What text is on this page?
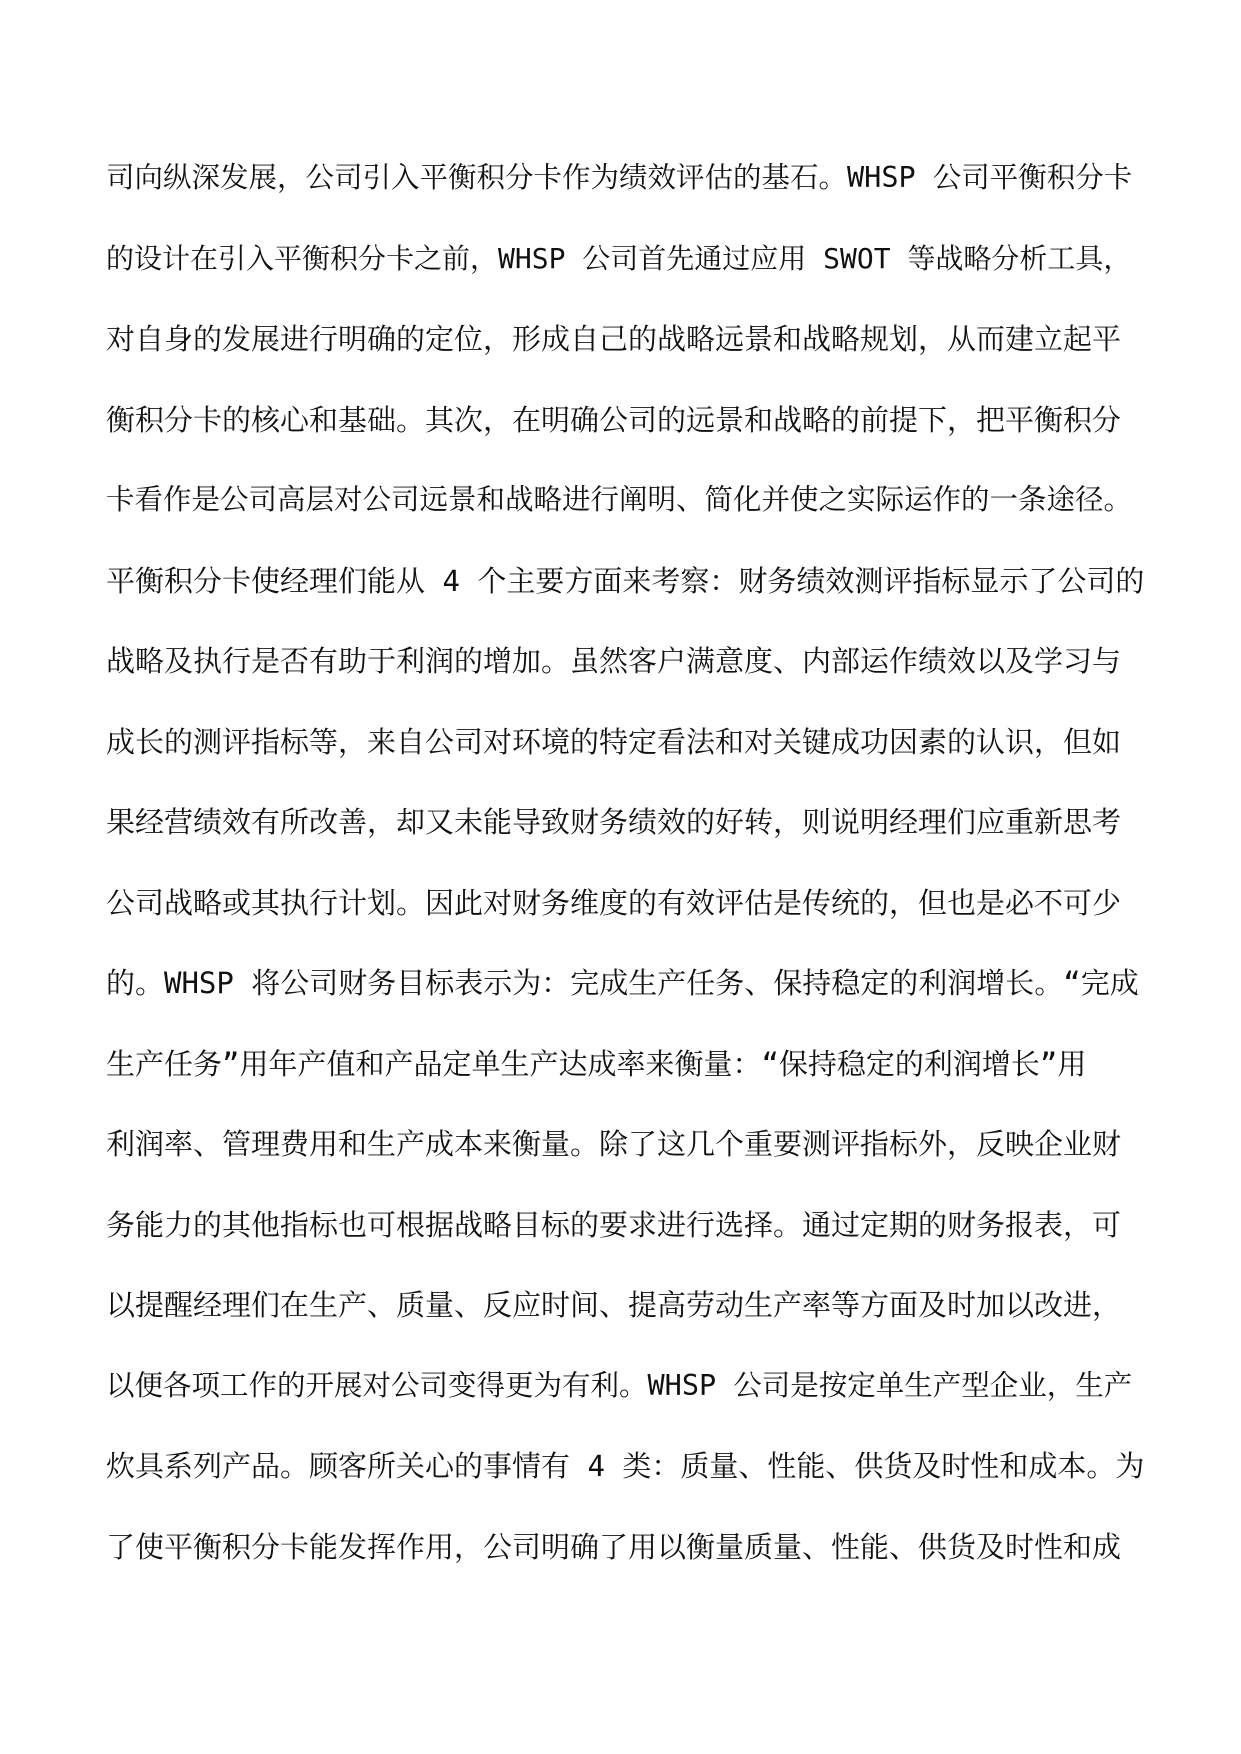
司向纵深发展，公司引入平衡积分卡作为绩效评估的基石。WHSP 公司平衡积分卡
的设计在引入平衡积分卡之前，WHSP 公司首先通过应用 SWOT 等战略分析工具，
对自身的发展进行明确的定位，形成自己的战略远景和战略规划，从而建立起平
衡积分卡的核心和基础。其次，在明确公司的远景和战略的前提下，把平衡积分
卡看作是公司高层对公司远景和战略进行阐明、简化并使之实际运作的一条途径。
平衡积分卡使经理们能从 4 个主要方面来考察：财务绩效测评指标显示了公司的
战略及执行是否有助于利润的增加。虽然客户满意度、内部运作绩效以及学习与
成长的测评指标等，来自公司对环境的特定看法和对关键成功因素的认识，但如
果经营绩效有所改善，却又未能导致财务绩效的好转，则说明经理们应重新思考
公司战略或其执行计划。因此对财务维度的有效评估是传统的，但也是必不可少
的。WHSP 将公司财务目标表示为：完成生产任务、保持稳定的利润增长。“完成
生产任务”用年产值和产品定单生产达成率来衡量：“保持稳定的利润增长”用
利润率、管理费用和生产成本来衡量。除了这几个重要测评指标外，反映企业财
务能力的其他指标也可根据战略目标的要求进行选择。通过定期的财务报表，可
以提醒经理们在生产、质量、反应时间、提高劳动生产率等方面及时加以改进，
以便各项工作的开展对公司变得更为有利。WHSP 公司是按定单生产型企业，生产
炊具系列产品。顾客所关心的事情有 4 类：质量、性能、供货及时性和成本。为
了使平衡积分卡能发挥作用，公司明确了用以衡量质量、性能、供货及时性和成
